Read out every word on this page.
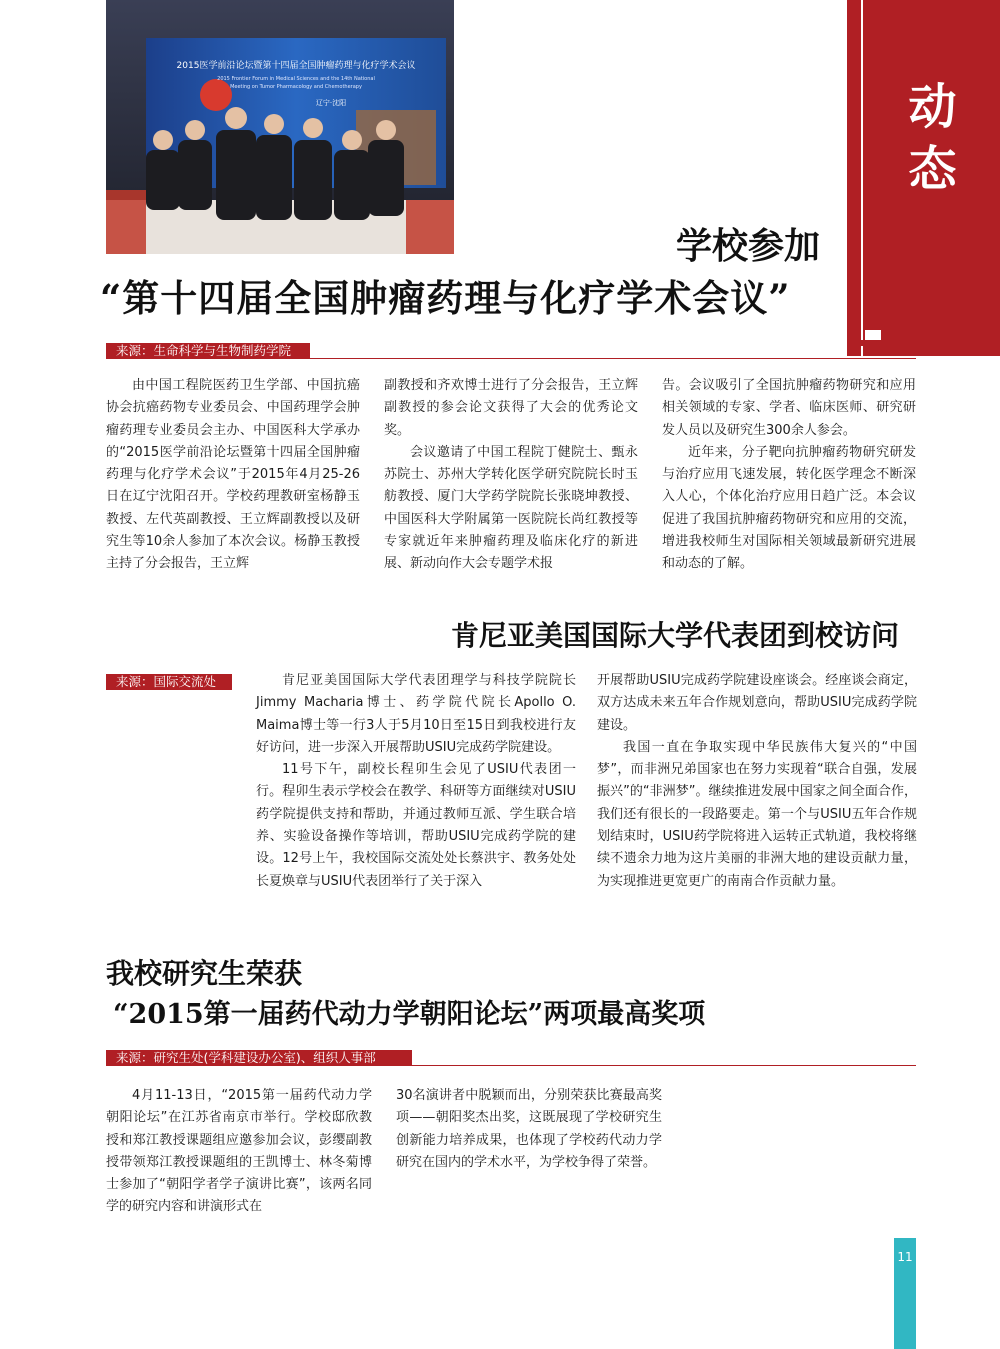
2015医学前沿论坛暨第十四届全国肿瘤药理与化疗学术会议
2015 Frontier Forum in Medical Sciences and the 14th National
Meeting on Tumor Pharmacology and Chemotherapy
辽宁·沈阳	动
态
学校参加
“第十四届全国肿瘤药理与化疗学术会议”
来源：生命科学与生物制药学院

由中国工程院医药卫生学部、中国抗癌协会抗癌药物专业委员会、中国药理学会肿瘤药理专业委员会主办、中国医科大学承办的“2015医学前沿论坛暨第十四届全国肿瘤药理与化疗学术会议”于2015年4月25-26日在辽宁沈阳召开。学校药理教研室杨静玉教授、左代英副教授、王立辉副教授以及研究生等10余人参加了本次会议。杨静玉教授主持了分会报告，王立辉

副教授和齐欢博士进行了分会报告，王立辉副教授的参会论文获得了大会的优秀论文奖。

会议邀请了中国工程院丁健院士、甄永苏院士、苏州大学转化医学研究院院长时玉舫教授、厦门大学药学院院长张晓坤教授、中国医科大学附属第一医院院长尚红教授等专家就近年来肿瘤药理及临床化疗的新进展、新动向作大会专题学术报

告。会议吸引了全国抗肿瘤药物研究和应用相关领域的专家、学者、临床医师、研究研发人员以及研究生300余人参会。

近年来，分子靶向抗肿瘤药物研究研发与治疗应用飞速发展，转化医学理念不断深入人心，个体化治疗应用日趋广泛。本会议促进了我国抗肿瘤药物研究和应用的交流，增进我校师生对国际相关领域最新研究进展和动态的了解。

肯尼亚美国国际大学代表团到校访问
来源：国际交流处	肯尼亚美国国际大学代表团理学与科技学院院长Jimmy Macharia博士、药学院代院长Apollo O. Maima博士等一行3人于5月10日至15日到我校进行友好访问，进一步深入开展帮助USIU完成药学院建设。

11号下午，副校长程卯生会见了USIU代表团一行。程卯生表示学校会在教学、科研等方面继续对USIU药学院提供支持和帮助，并通过教师互派、学生联合培养、实验设备操作等培训，帮助USIU完成药学院的建设。12号上午，我校国际交流处处长蔡洪宇、教务处处长夏焕章与USIU代表团举行了关于深入

开展帮助USIU完成药学院建设座谈会。经座谈会商定，双方达成未来五年合作规划意向，帮助USIU完成药学院建设。

我国一直在争取实现中华民族伟大复兴的“中国梦”，而非洲兄弟国家也在努力实现着“联合自强，发展振兴”的“非洲梦”。继续推进发展中国家之间全面合作，我们还有很长的一段路要走。第一个与USIU五年合作规划结束时，USIU药学院将进入运转正式轨道，我校将继续不遗余力地为这片美丽的非洲大地的建设贡献力量，为实现推进更宽更广的南南合作贡献力量。

我校研究生荣获
“2015第一届药代动力学朝阳论坛”两项最高奖项
来源：研究生处(学科建设办公室)、组织人事部

4月11-13日，“2015第一届药代动力学朝阳论坛”在江苏省南京市举行。学校邸欣教授和郑江教授课题组应邀参加会议，彭缨副教授带领郑江教授课题组的王凯博士、林冬菊博士参加了“朝阳学者学子演讲比赛”，该两名同学的研究内容和讲演形式在

30名演讲者中脱颖而出，分别荣获比赛最高奖项——朝阳奖杰出奖，这既展现了学校研究生创新能力培养成果，也体现了学校药代动力学研究在国内的学术水平，为学校争得了荣誉。

11
